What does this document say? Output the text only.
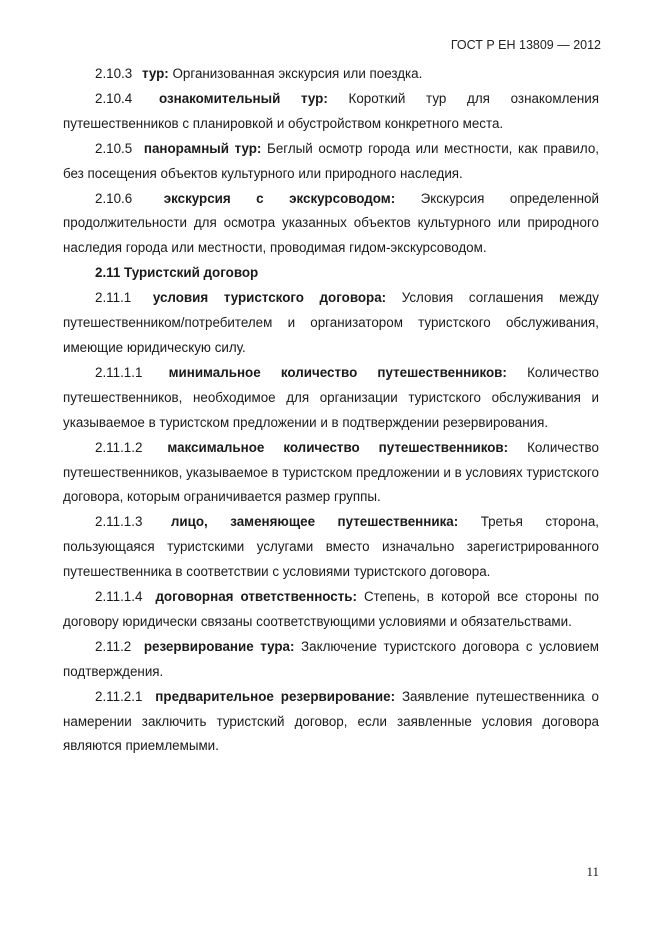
ГОСТ Р ЕН 13809 — 2012

2.10.3 тур: Организованная экскурсия или поездка.

2.10.4 ознакомительный тур: Короткий тур для ознакомления путешественников с планировкой и обустройством конкретного места.

2.10.5 панорамный тур: Беглый осмотр города или местности, как правило, без посещения объектов культурного или природного наследия.

2.10.6 экскурсия с экскурсоводом: Экскурсия определенной продолжительности для осмотра указанных объектов культурного или природного наследия города или местности, проводимая гидом-экскурсоводом.

2.11 Туристский договор

2.11.1 условия туристского договора: Условия соглашения между путешественником/потребителем и организатором туристского обслуживания, имеющие юридическую силу.

2.11.1.1 минимальное количество путешественников: Количество путешественников, необходимое для организации туристского обслуживания и указываемое в туристском предложении и в подтверждении резервирования.

2.11.1.2 максимальное количество путешественников: Количество путешественников, указываемое в туристском предложении и в условиях туристского договора, которым ограничивается размер группы.

2.11.1.3 лицо, заменяющее путешественника: Третья сторона, пользующаяся туристскими услугами вместо изначально зарегистрированного путешественника в соответствии с условиями туристского договора.

2.11.1.4 договорная ответственность: Степень, в которой все стороны по договору юридически связаны соответствующими условиями и обязательствами.

2.11.2 резервирование тура: Заключение туристского договора с условием подтверждения.

2.11.2.1 предварительное резервирование: Заявление путешественника о намерении заключить туристский договор, если заявленные условия договора являются приемлемыми.

11
